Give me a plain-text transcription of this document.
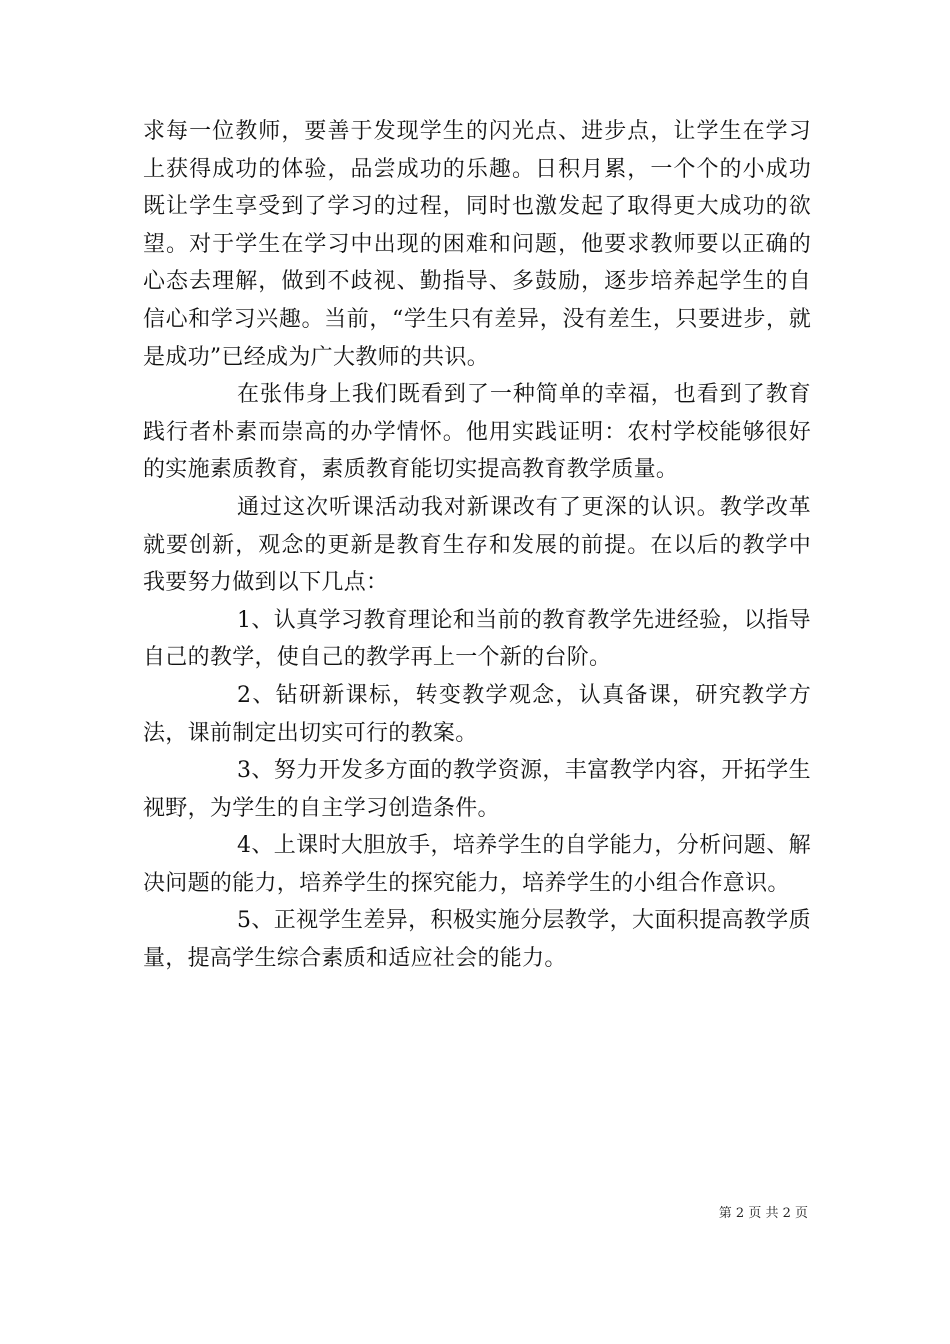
求每一位教师，要善于发现学生的闪光点、进步点，让学生在学习上获得成功的体验，品尝成功的乐趣。日积月累，一个个的小成功既让学生享受到了学习的过程，同时也激发起了取得更大成功的欲望。对于学生在学习中出现的困难和问题，他要求教师要以正确的心态去理解，做到不歧视、勤指导、多鼓励，逐步培养起学生的自信心和学习兴趣。当前，“学生只有差异，没有差生，只要进步，就是成功”已经成为广大教师的共识。

在张伟身上我们既看到了一种简单的幸福，也看到了教育践行者朴素而崇高的办学情怀。他用实践证明：农村学校能够很好的实施素质教育，素质教育能切实提高教育教学质量。

通过这次听课活动我对新课改有了更深的认识。教学改革就要创新，观念的更新是教育生存和发展的前提。在以后的教学中我要努力做到以下几点：

1、认真学习教育理论和当前的教育教学先进经验，以指导自己的教学，使自己的教学再上一个新的台阶。

2、钻研新课标，转变教学观念，认真备课，研究教学方法，课前制定出切实可行的教案。

3、努力开发多方面的教学资源，丰富教学内容，开拓学生视野，为学生的自主学习创造条件。

4、上课时大胆放手，培养学生的自学能力，分析问题、解决问题的能力，培养学生的探究能力，培养学生的小组合作意识。

5、正视学生差异，积极实施分层教学，大面积提高教学质量，提高学生综合素质和适应社会的能力。

第 2 页 共 2 页
